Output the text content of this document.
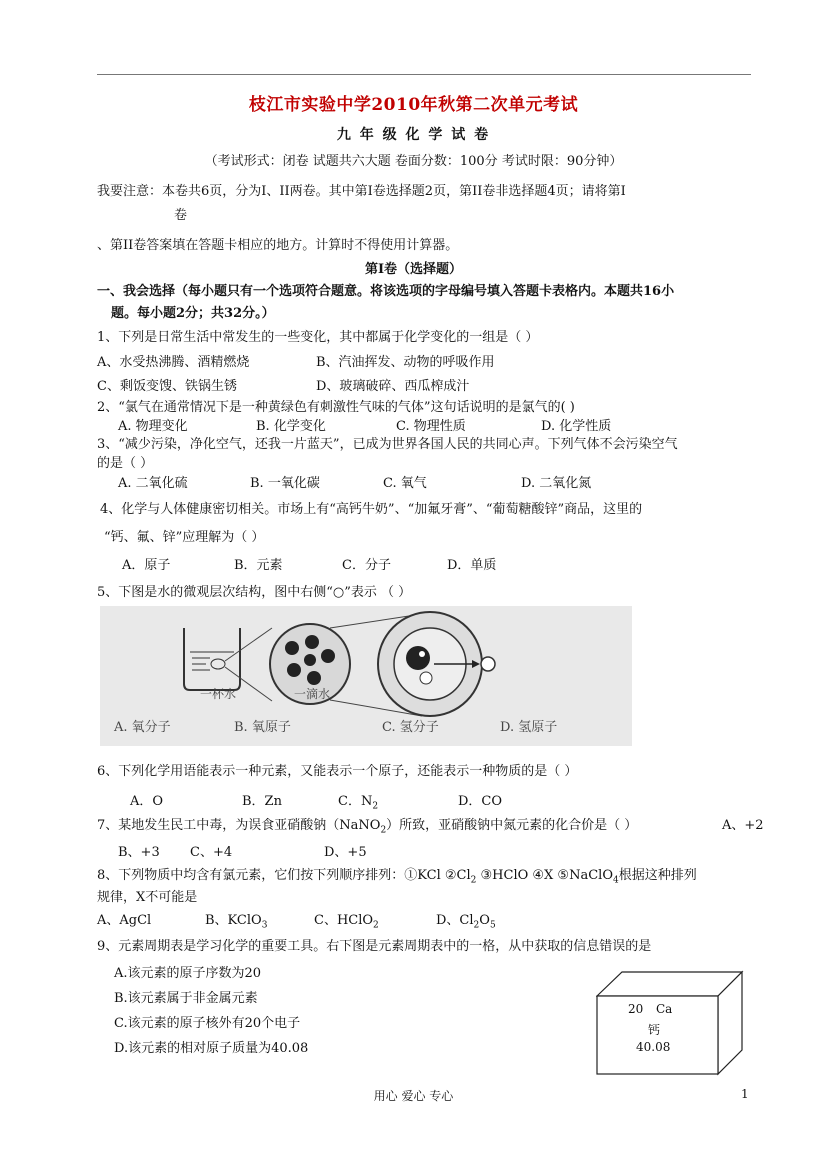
枝江市实验中学2010年秋第二次单元考试
九 年 级 化 学 试 卷
（考试形式：闭卷 试题共六大题 卷面分数：100分 考试时限：90分钟）
我要注意：本卷共6页，分为I、II两卷。其中第I卷选择题2页，第II卷非选择题4页；请将第I
卷
、第II卷答案填在答题卡相应的地方。计算时不得使用计算器。
第I卷（选择题）
一、我会选择（每小题只有一个选项符合题意。将该选项的字母编号填入答题卡表格内。本题共16小
题。每小题2分；共32分。）
1、下列是日常生活中常发生的一些变化，其中都属于化学变化的一组是（ ）
A、水受热沸腾、酒精燃烧	B、汽油挥发、动物的呼吸作用
C、剩饭变馊、铁锅生锈	D、玻璃破碎、西瓜榨成汁
2、“氯气在通常情况下是一种黄绿色有刺激性气味的气体”这句话说明的是氯气的( )
A. 物理变化	B. 化学变化	C. 物理性质	D. 化学性质
3、“减少污染，净化空气，还我一片蓝天”，已成为世界各国人民的共同心声。下列气体不会污染空气
的是（ ）
A. 二氧化硫	B. 一氧化碳	C. 氧气	D. 二氧化氮
4、化学与人体健康密切相关。市场上有“高钙牛奶”、“加氟牙膏”、“葡萄糖酸锌”商品，这里的
“钙、氟、锌”应理解为（ ）
A．原子	B．元素	C．分子	D．单质
5、下图是水的微观层次结构，图中右侧“○”表示 （ ）
一杯水	一滴水
A. 氧分子	B. 氧原子	C. 氢分子	D. 氢原子
6、下列化学用语能表示一种元素，又能表示一个原子，还能表示一种物质的是（ ）
A．O	B．Zn	C．$N_2$	D．CO
7、某地发生民工中毒，为误食亚硝酸钠（NaNO$_2$）所致，亚硝酸钠中氮元素的化合价是（ ）	A、+2
B、+3 C、+4	D、+5
8、下列物质中均含有氯元素，它们按下列顺序排列：①KCl $②Cl_2$ ③HClO ④X ⑤NaClO$_4$根据这种排列
规律，X不可能是
A、AgCl	B、KClO$_3$	C、HClO$_2$	D、$Cl_2O_5$
9、元素周期表是学习化学的重要工具。右下图是元素周期表中的一格，从中获取的信息错误的是
A.该元素的原子序数为20
B.该元素属于非金属元素
C.该元素的原子核外有20个电子
D.该元素的相对原子质量为40.08
20 Ca
钙
40.08
用心 爱心 专心	1
